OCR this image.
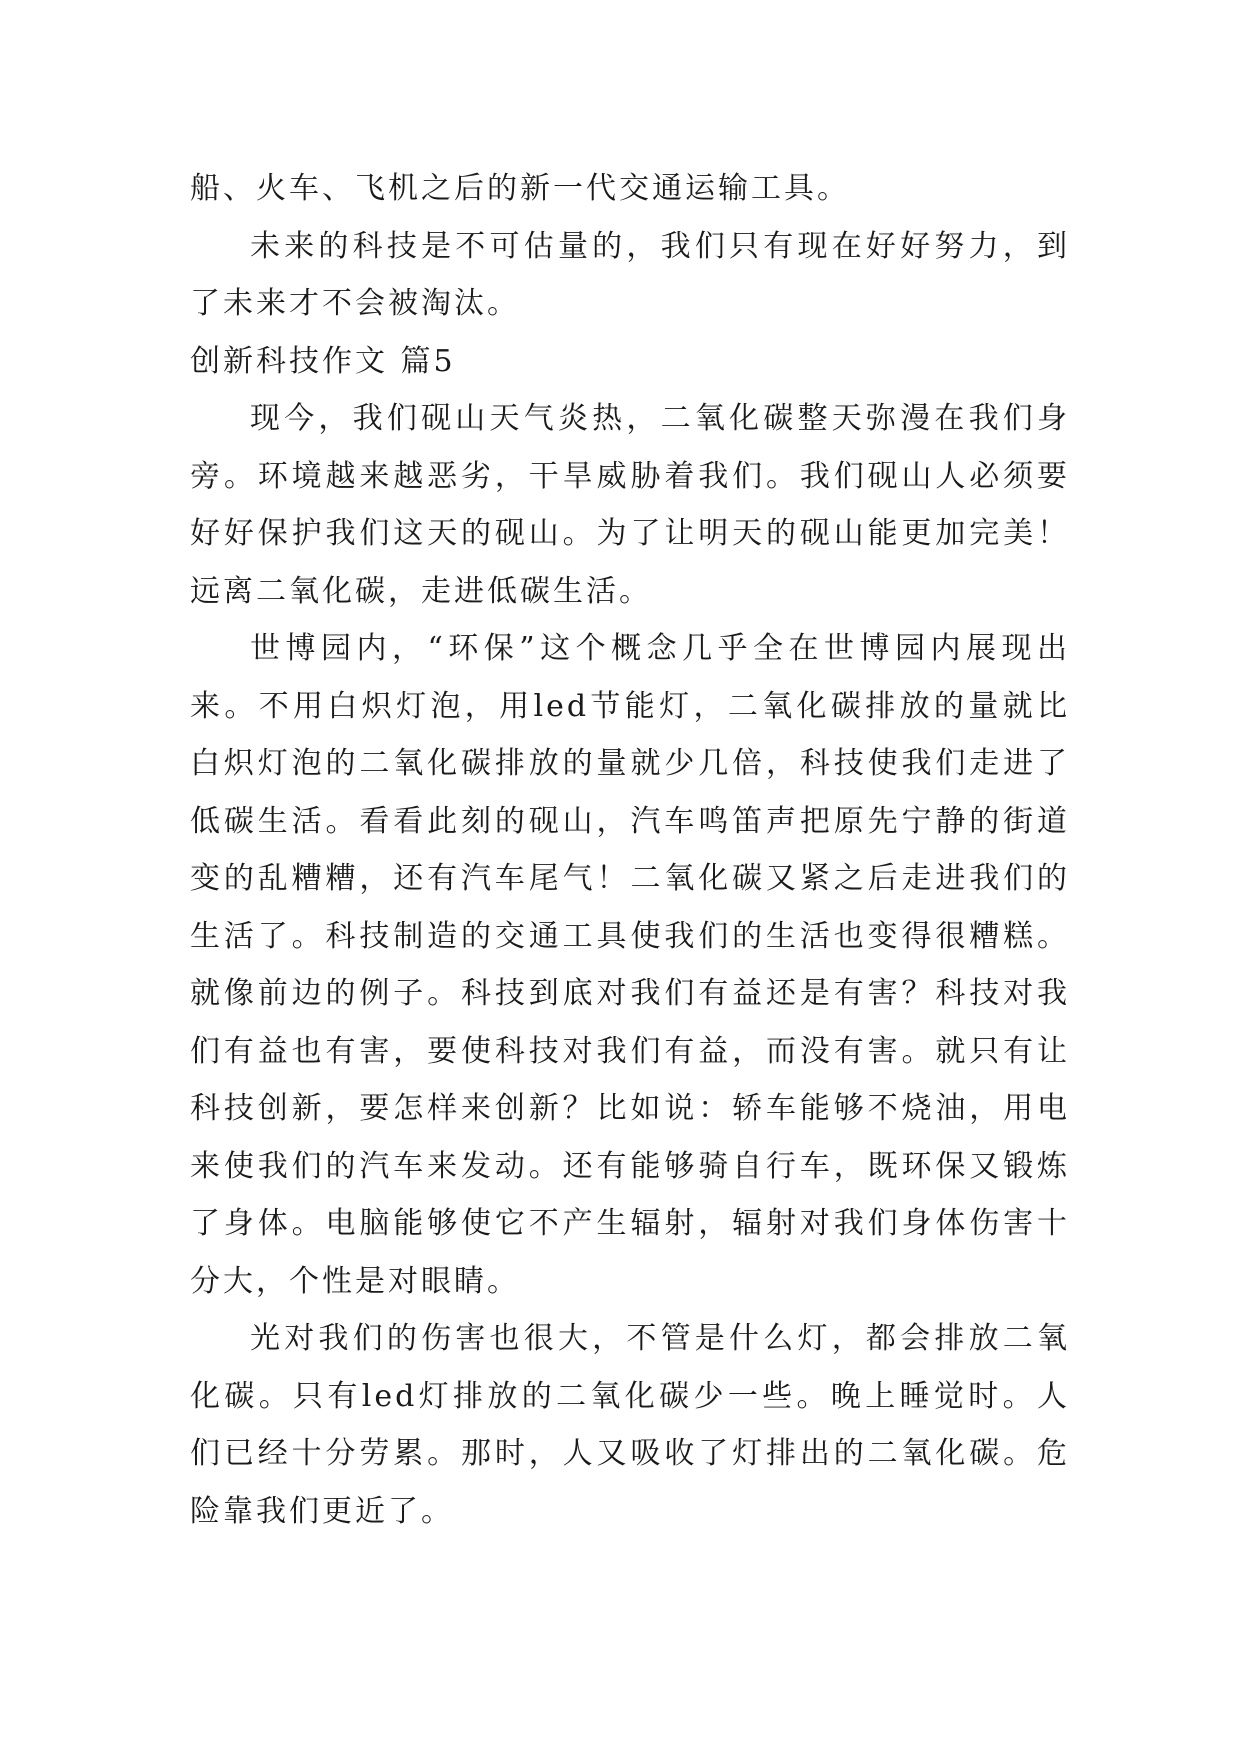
船、火车、飞机之后的新一代交通运输工具。

未来的科技是不可估量的，我们只有现在好好努力，到了未来才不会被淘汰。

创新科技作文 篇5

现今，我们砚山天气炎热，二氧化碳整天弥漫在我们身旁。环境越来越恶劣，干旱威胁着我们。我们砚山人必须要好好保护我们这天的砚山。为了让明天的砚山能更加完美！远离二氧化碳，走进低碳生活。

世博园内，“环保”这个概念几乎全在世博园内展现出来。不用白炽灯泡，用led节能灯，二氧化碳排放的量就比白炽灯泡的二氧化碳排放的量就少几倍，科技使我们走进了低碳生活。看看此刻的砚山，汽车鸣笛声把原先宁静的街道变的乱糟糟，还有汽车尾气！二氧化碳又紧之后走进我们的生活了。科技制造的交通工具使我们的生活也变得很糟糕。就像前边的例子。科技到底对我们有益还是有害？科技对我们有益也有害，要使科技对我们有益，而没有害。就只有让科技创新，要怎样来创新？比如说：轿车能够不烧油，用电来使我们的汽车来发动。还有能够骑自行车，既环保又锻炼了身体。电脑能够使它不产生辐射，辐射对我们身体伤害十分大，个性是对眼睛。

光对我们的伤害也很大，不管是什么灯，都会排放二氧化碳。只有led灯排放的二氧化碳少一些。晚上睡觉时。人们已经十分劳累。那时，人又吸收了灯排出的二氧化碳。危险靠我们更近了。
